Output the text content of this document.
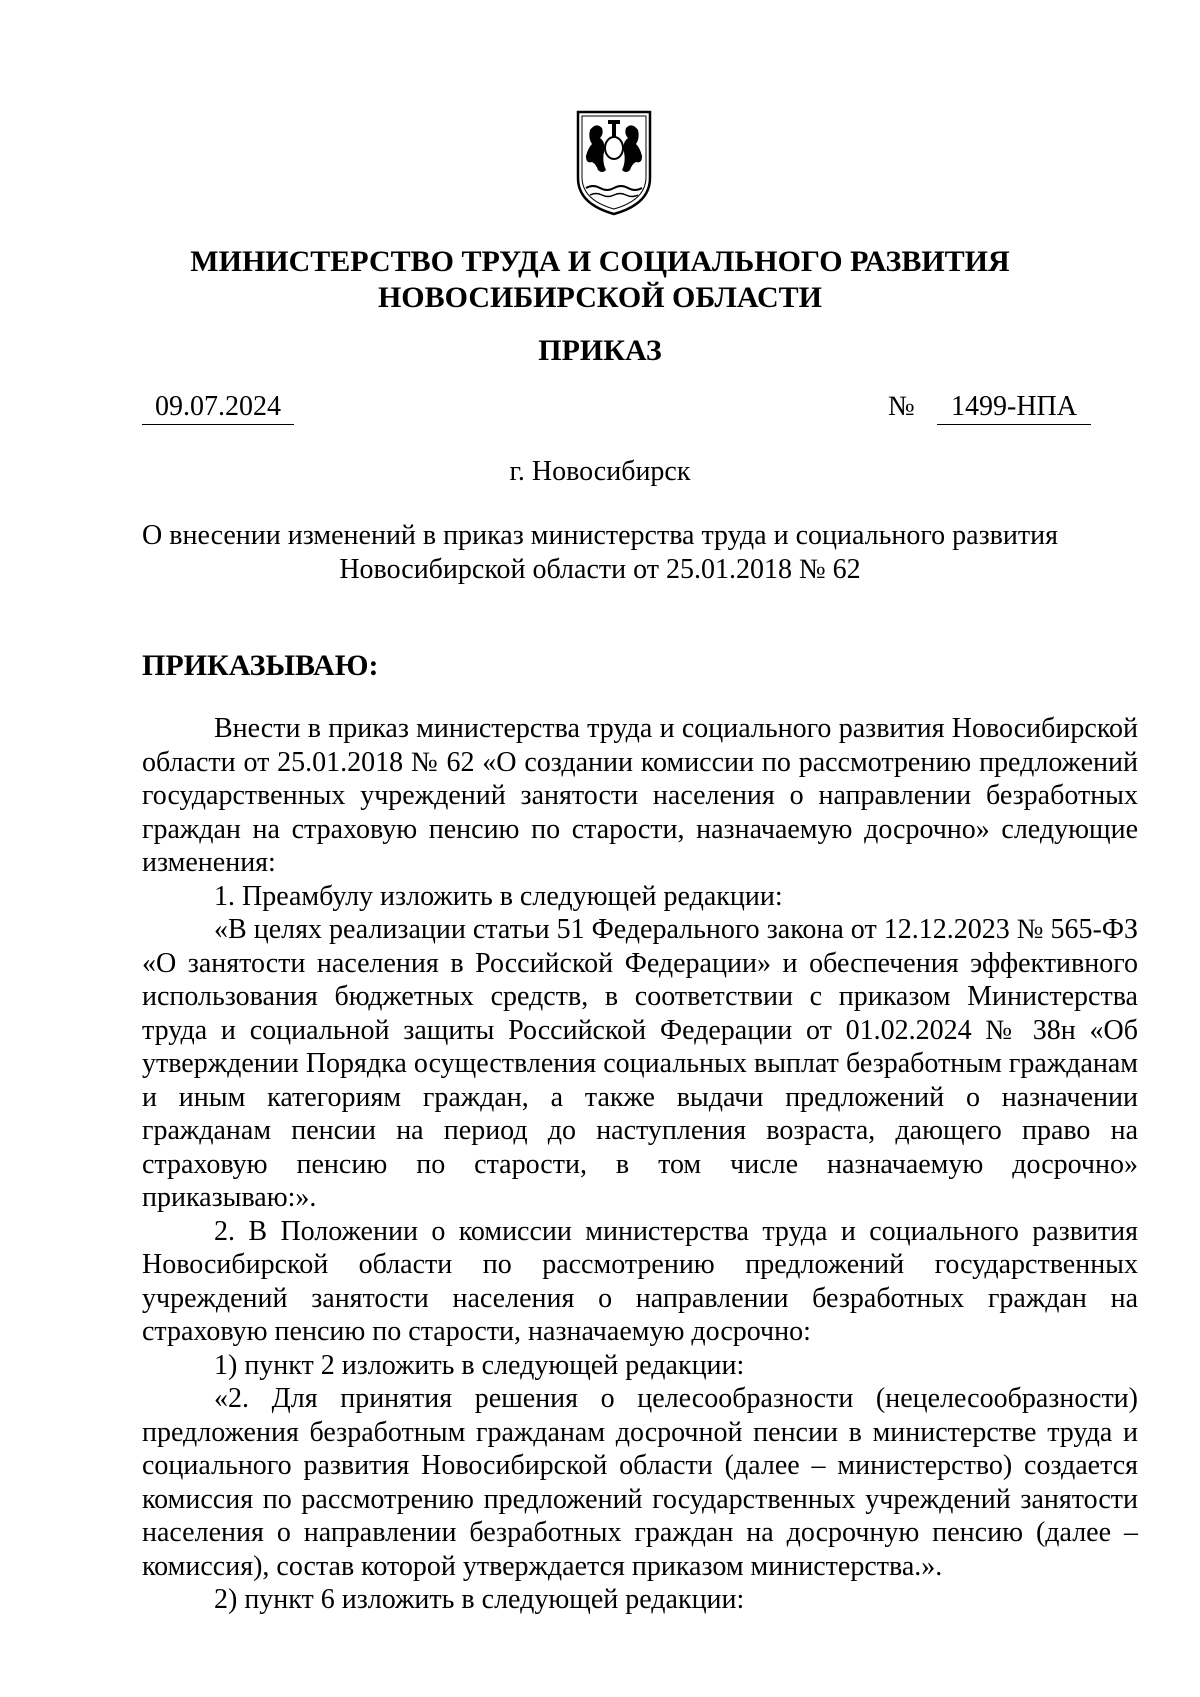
МИНИСТЕРСТВО ТРУДА И СОЦИАЛЬНОГО РАЗВИТИЯ
НОВОСИБИРСКОЙ ОБЛАСТИ
ПРИКАЗ
09.07.2024	№	1499-НПА
г. Новосибирск
О внесении изменений в приказ министерства труда и социального развития
Новосибирской области от 25.01.2018 № 62
ПРИКАЗЫВАЮ:

Внести в приказ министерства труда и социального развития Новосибирской области от 25.01.2018 № 62 «О создании комиссии по рассмотрению предложений государственных учреждений занятости населения о направлении безработных граждан на страховую пенсию по старости, назначаемую досрочно» следующие изменения:

1. Преамбулу изложить в следующей редакции:

«В целях реализации статьи 51 Федерального закона от 12.12.2023 № 565-ФЗ «О занятости населения в Российской Федерации» и обеспечения эффективного использования бюджетных средств, в соответствии с приказом Министерства труда и социальной защиты Российской Федерации от 01.02.2024 № 38н «Об утверждении Порядка осуществления социальных выплат безработным гражданам и иным категориям граждан, а также выдачи предложений о назначении гражданам пенсии на период до наступления возраста, дающего право на страховую пенсию по старости, в том числе назначаемую досрочно» приказываю:».

2. В Положении о комиссии министерства труда и социального развития Новосибирской области по рассмотрению предложений государственных учреждений занятости населения о направлении безработных граждан на страховую пенсию по старости, назначаемую досрочно:

1) пункт 2 изложить в следующей редакции:

«2. Для принятия решения о целесообразности (нецелесообразности) предложения безработным гражданам досрочной пенсии в министерстве труда и социального развития Новосибирской области (далее – министерство) создается комиссия по рассмотрению предложений государственных учреждений занятости населения о направлении безработных граждан на досрочную пенсию (далее – комиссия), состав которой утверждается приказом министерства.».

2) пункт 6 изложить в следующей редакции:
